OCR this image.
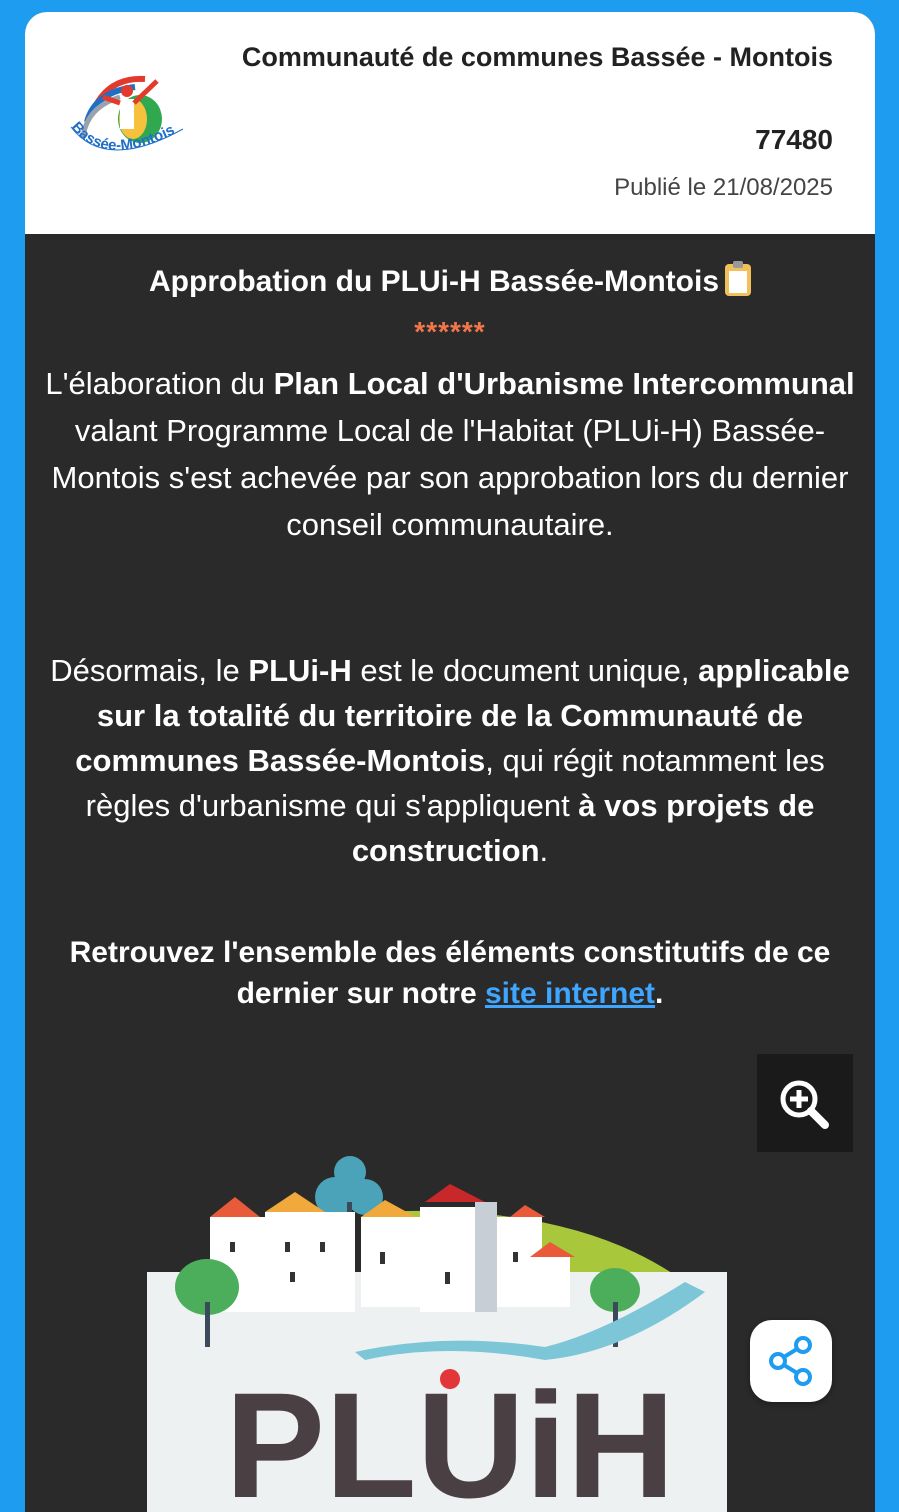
Bassée-Montois
Communauté de communes Bassée - Montois
77480
Publié le 21/08/2025
Approbation du PLUi-H Bassée-Montois
******
L'élaboration du Plan Local d'Urbanisme Intercommunal valant Programme Local de l'Habitat (PLUi-H) Bassée-Montois s'est achevée par son approbation lors du dernier conseil communautaire.
Désormais, le PLUi-H est le document unique, applicable sur la totalité du territoire de la Communauté de communes Bassée-Montois, qui régit notamment les règles d'urbanisme qui s'appliquent à vos projets de construction.
Retrouvez l'ensemble des éléments constitutifs de ce dernier sur notre site internet.
PLUiH
